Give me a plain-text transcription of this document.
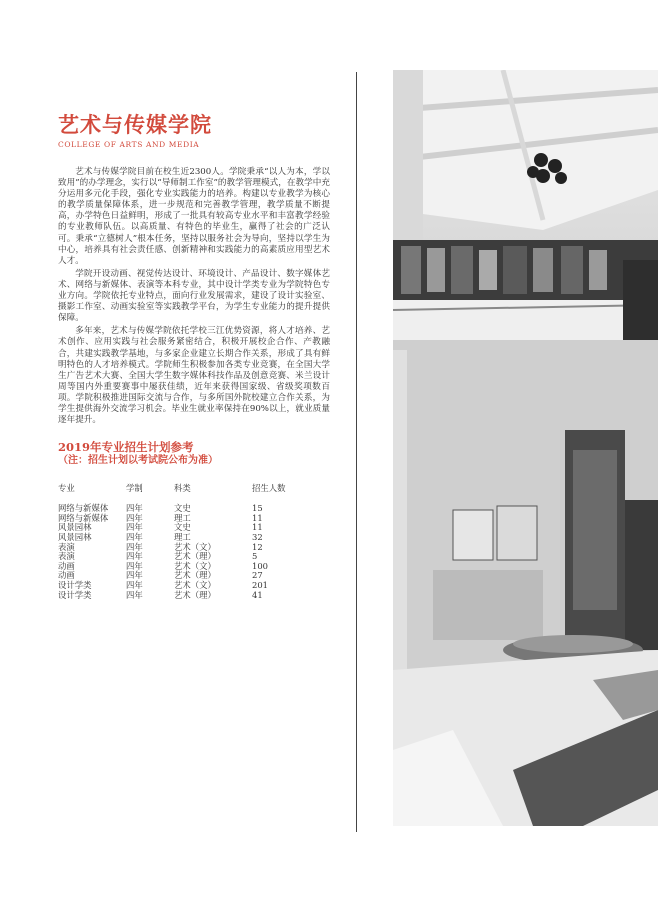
艺术与传媒学院
COLLEGE OF ARTS AND MEDIA

艺术与传媒学院目前在校生近2300人。学院秉承“以人为本，学以致用”的办学理念，实行以“导师制工作室”的教学管理模式，在教学中充分运用多元化手段，强化专业实践能力的培养。构建以专业教学为核心的教学质量保障体系，进一步规范和完善教学管理，教学质量不断提高，办学特色日益鲜明，形成了一批具有较高专业水平和丰富教学经验的专业教师队伍。以高质量、有特色的毕业生，赢得了社会的广泛认可。秉承“立德树人”根本任务，坚持以服务社会为导向，坚持以学生为中心，培养具有社会责任感、创新精神和实践能力的高素质应用型艺术人才。

学院开设动画、视觉传达设计、环境设计、产品设计、数字媒体艺术、网络与新媒体、表演等本科专业，其中设计学类专业为学院特色专业方向。学院依托专业特点，面向行业发展需求，建设了设计实验室、摄影工作室、动画实验室等实践教学平台，为学生专业能力的提升提供保障。

多年来，艺术与传媒学院依托学校三江优势资源，将人才培养、艺术创作、应用实践与社会服务紧密结合，积极开展校企合作、产教融合，共建实践教学基地，与多家企业建立长期合作关系，形成了具有鲜明特色的人才培养模式。学院师生积极参加各类专业竞赛，在全国大学生广告艺术大赛、全国大学生数字媒体科技作品及创意竞赛、米兰设计周等国内外重要赛事中屡获佳绩，近年来获得国家级、省级奖项数百项。学院积极推进国际交流与合作，与多所国外院校建立合作关系，为学生提供海外交流学习机会。毕业生就业率保持在90%以上，就业质量逐年提升。

2019年专业招生计划参考
（注：招生计划以考试院公布为准）
专业	学制	科类	招生人数
网络与新媒体	四年	文史	15
网络与新媒体	四年	理工	11
风景园林	四年	文史	11
风景园林	四年	理工	32
表演	四年	艺术（文）	12
表演	四年	艺术（理）	5
动画	四年	艺术（文）	100
动画	四年	艺术（理）	27
设计学类	四年	艺术（文）	201
设计学类	四年	艺术（理）	41
